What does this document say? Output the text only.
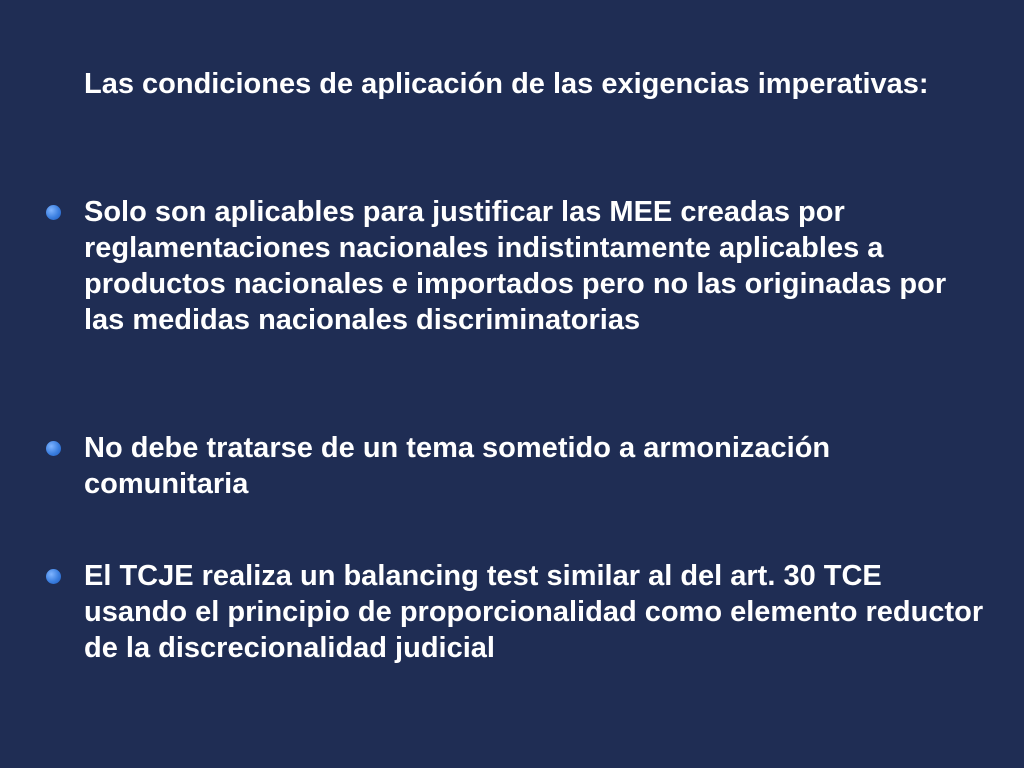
Las condiciones de aplicación de las exigencias imperativas:

Solo son aplicables para justificar las MEE creadas por reglamentaciones nacionales indistintamente aplicables a productos nacionales e importados pero no las originadas por las medidas nacionales discriminatorias
No debe tratarse de un tema sometido a armonización comunitaria
El TCJE realiza un balancing test similar al del art. 30 TCE usando el principio de proporcionalidad como elemento reductor de la discrecionalidad judicial
